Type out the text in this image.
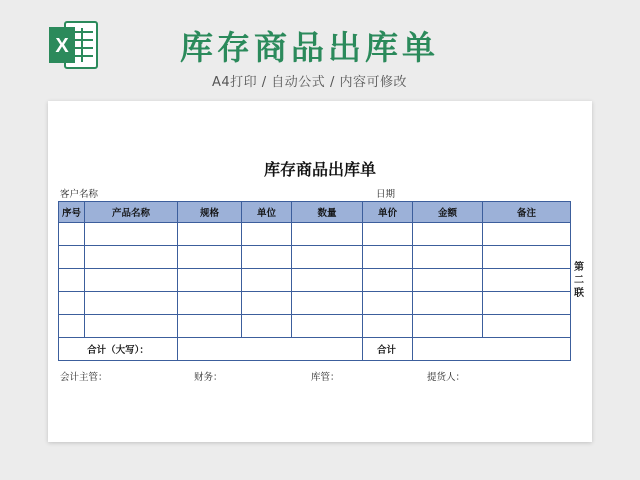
X	库存商品出库单
A4打印 / 自动公式 / 内容可修改
库存商品出库单
客户名称	日期
序号	产品名称	规格	单位	数量	单价	金额	备注

合计（大写）：					合计		
第
二
联
会计主管：	财务：	库管：	提货人：
